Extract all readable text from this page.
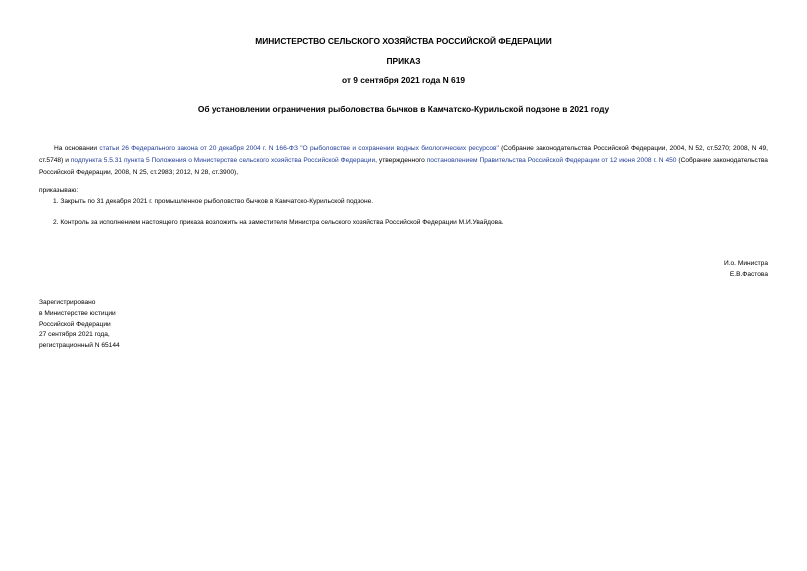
МИНИСТЕРСТВО СЕЛЬСКОГО ХОЗЯЙСТВА РОССИЙСКОЙ ФЕДЕРАЦИИ
ПРИКАЗ
от 9 сентября 2021 года N 619
Об установлении ограничения рыболовства бычков в Камчатско-Курильской подзоне в 2021 году
На основании статьи 26 Федерального закона от 20 декабря 2004 г. N 166-ФЗ "О рыболовстве и сохранении водных биологических ресурсов" (Собрание законодательства Российской Федерации, 2004, N 52, ст.5270; 2008, N 49, ст.5748) и подпункта 5.5.31 пункта 5 Положения о Министерстве сельского хозяйства Российской Федерации, утвержденного постановлением Правительства Российской Федерации от 12 июня 2008 г. N 450 (Собрание законодательства Российской Федерации, 2008, N 25, ст.2983; 2012, N 28, ст.3900),
приказываю:
1. Закрыть по 31 декабря 2021 г. промышленное рыболовство бычков в Камчатско-Курильской подзоне.
2. Контроль за исполнением настоящего приказа возложить на заместителя Министра сельского хозяйства Российской Федерации М.И.Увайдова.
И.о. Министра
Е.В.Фастова
Зарегистрировано
в Министерстве юстиции
Российской Федерации
27 сентября 2021 года,
регистрационный N 65144
